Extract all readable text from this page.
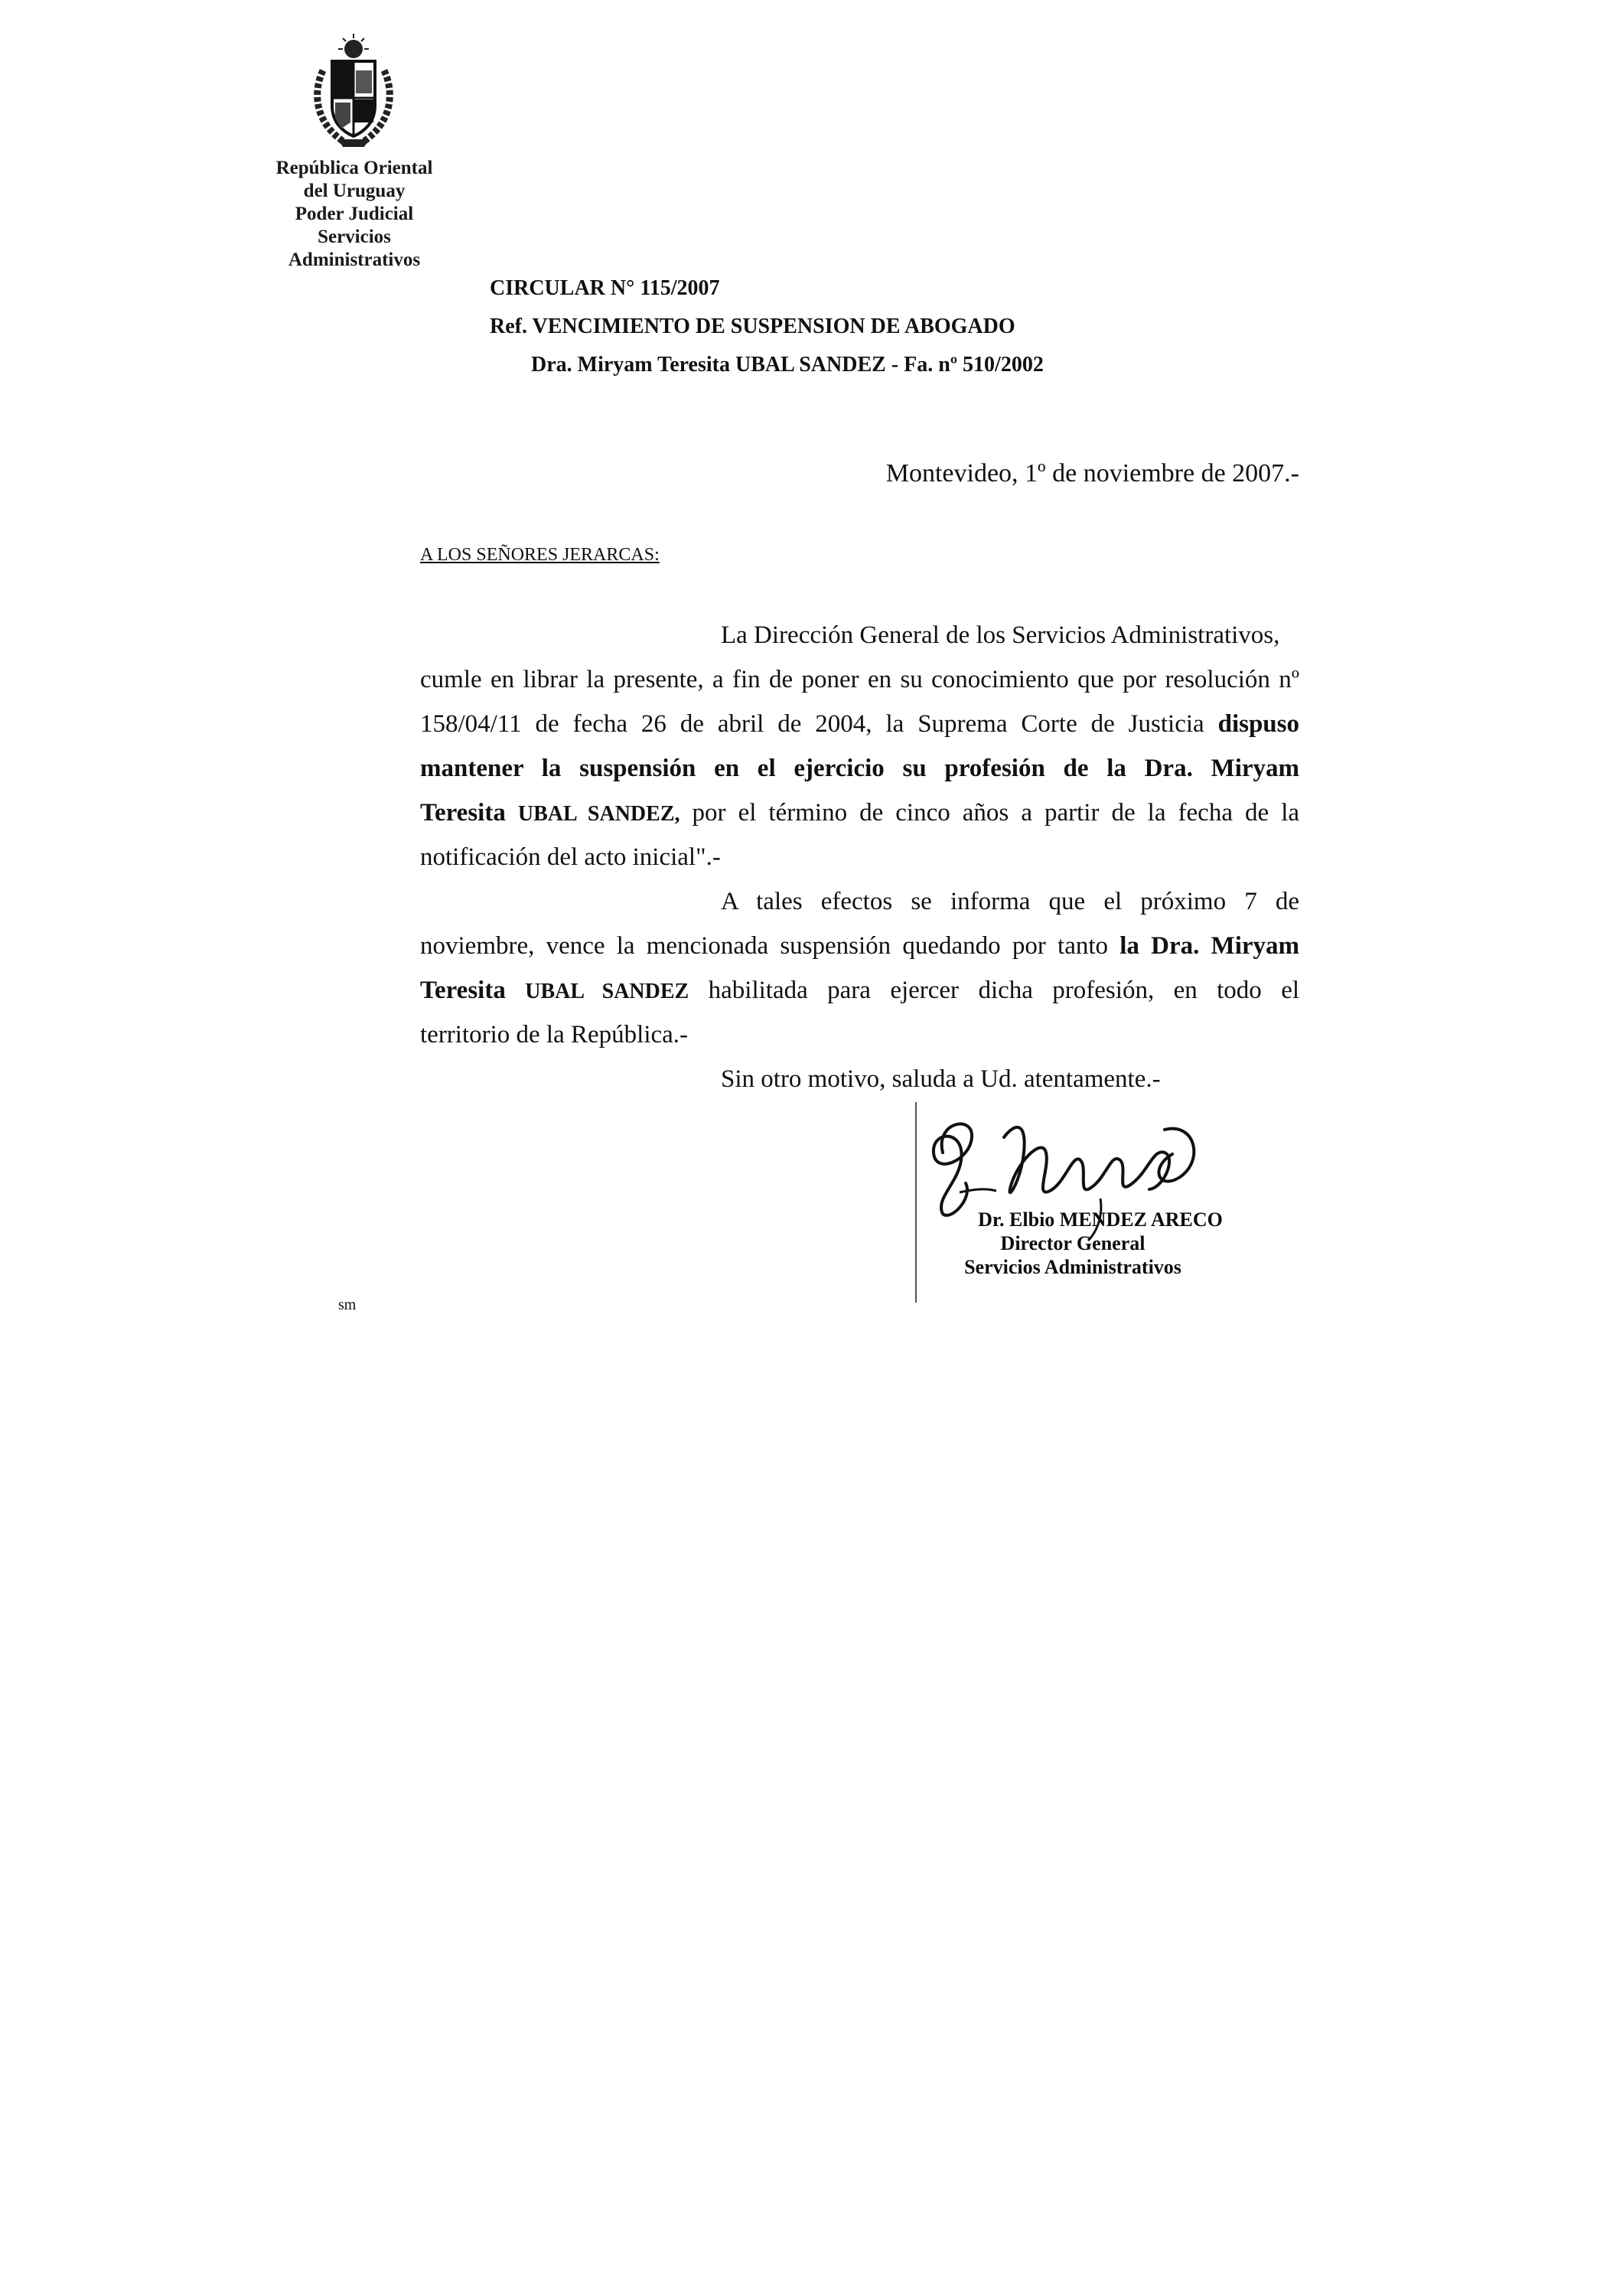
República Oriental
del Uruguay
Poder Judicial
Servicios
Administrativos
CIRCULAR N° 115/2007
Ref. VENCIMIENTO DE SUSPENSION DE ABOGADO
Dra. Miryam Teresita UBAL SANDEZ - Fa. nº 510/2002
Montevideo, 1º de noviembre de 2007.-
A LOS SEÑORES JERARCAS:
La Dirección General de los Servicios Administrativos,
cumle en librar la presente, a fin de poner en su conocimiento que por resolución nº
158/04/11 de fecha 26 de abril de 2004, la Suprema Corte de Justicia dispuso
mantener la suspensión en el ejercicio su profesión de la Dra. Miryam
Teresita UBAL SANDEZ, por el término de cinco años a partir de la fecha de la
notificación del acto inicial".-
A tales efectos se informa que el próximo 7 de
noviembre, vence la mencionada suspensión quedando por tanto la Dra. Miryam
Teresita UBAL SANDEZ habilitada para ejercer dicha profesión, en todo el
territorio de la República.-
Sin otro motivo, saluda a Ud. atentamente.-
Dr. Elbio MENDEZ ARECO
Director General
Servicios Administrativos
sm
